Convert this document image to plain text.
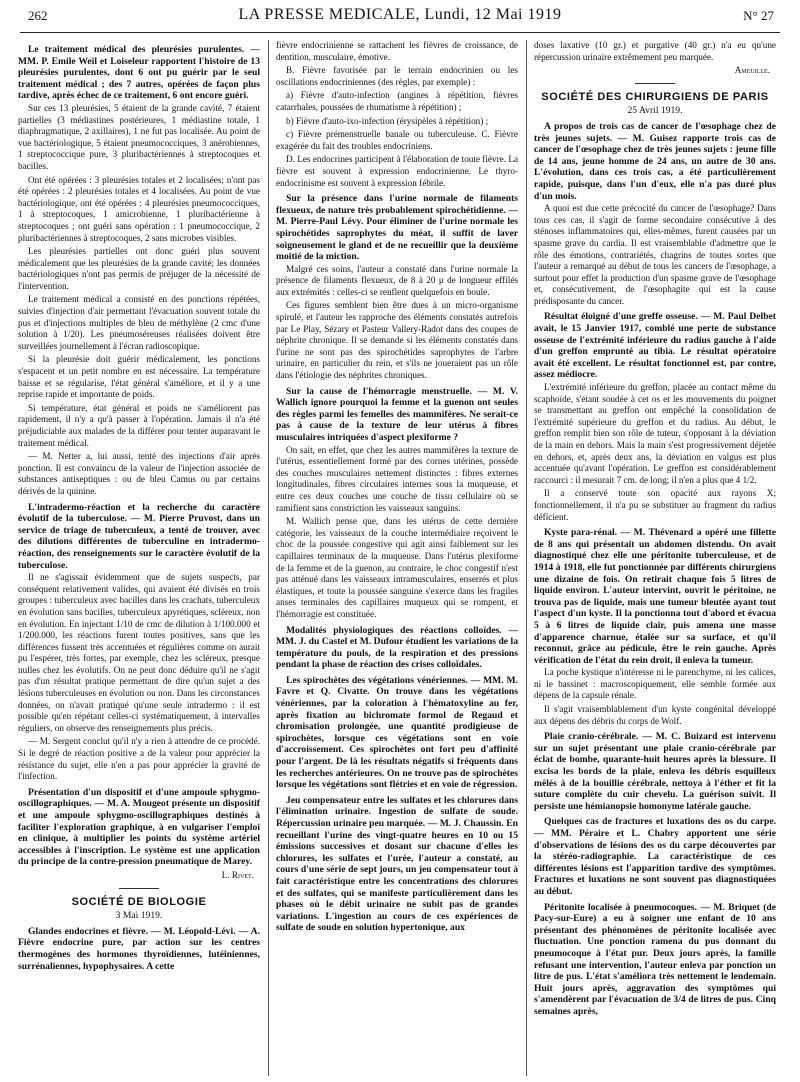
262	LA PRESSE MEDICALE, Lundi, 12 Mai 1919	N° 27
Le traitement médical des pleurésies purulentes. — MM. P. Emile Weil et Loiseleur rapportent l'histoire de 13 pleurésies purulentes, dont 6 ont pu guérir par le seul traitement médical ; des 7 autres, opérées de façon plus tardive, après échec de ce traitement, 6 ont encore guéri.

Sur ces 13 pleurésies, 5 étaient de la grande cavité, 7 étaient partielles (3 médiastines postérieures, 1 médiastine totale, 1 diaphragmatique, 2 axillaires), 1 ne fut pas localisée. Au point de vue bactériologique, 5 étaient pneumococciques, 3 anérobiennes, 1 streptococcique pure, 3 pluribactériennes à streptocoques et bacilles.

Ont été opérées : 3 pleurésies totales et 2 localisées; n'ont pas été opérées : 2 pleurésies totales et 4 localisées. Au point de vue bactériologique, ont été opérées : 4 pleurésies pneumococciques, 1 à streptocoques, 1 amicrobienne, 1 pluribactérienne à streptocoques ; ont guéri sans opération : 1 pneumococcique, 2 pluribactériennes à streptocoques, 2 sans microbes visibles.

Les pleurésies partielles ont donc guéri plus souvent médicalement que les pleurésies de la grande cavité; les données bactériologiques n'ont pas permis de préjuger de la nécessité de l'intervention.

Le traitement médical a consisté en des ponctions répétées, suivies d'injection d'air permettant l'évacuation souvent totale du pus et d'injections multiples de bleu de méthylène (2 cmc d'une solution à 1/20). Les pneumoséreuses réalisées doivent être surveillées journellement à l'écran radioscopique.

Si la pleurésie doit guérir médicalement, les ponctions s'espacent et un petit nombre en est nécessaire. La température baisse et se régularise, l'état général s'améliore, et il y a une reprise rapide et importante de poids.

Si température, état général et poids ne s'améliorent pas rapidement, il n'y a qu'à passer à l'opération. Jamais il n'a été préjudiciable aux malades de la différer pour tenter auparavant le traitement médical.

— M. Netter a, lui aussi, tenté des injections d'air après ponction. Il est convaincu de la valeur de l'injection associée de substances antiseptiques : ou de bleu Camus ou par certains dérivés de la quinine.

L'intradermo-réaction et la recherche du caractère évolutif de la tuberculose. — M. Pierre Pruvost, dans un service de triage de tuberculeux, a tenté de trouver, avec des dilutions différentes de tuberculine en intradermo-réaction, des renseignements sur le caractère évolutif de la tuberculose.

Il ne s'agissait évidemment que de sujets suspects, par conséquent relativement valides, qui avaient été divisés en trois groupes : tuberculeux avec bacilles dans les crachats, tuberculeux en évolution sans bacilles, tuberculeux apyrétiques, scléreux, non en évolution. En injectant 1/10 de cmc de dilution à 1/100.000 et 1/200.000, les réactions furent toutes positives, sans que les différences fussent très accentuées et régulières comme on aurait pu l'espérer, très fortes, par exemple, chez les scléreux, presque nulles chez les évolutifs. On ne peut donc déduire qu'il ne s'agit pas d'un résultat pratique permettant de dire qu'un sujet a des lésions tuberculeuses en évolution ou non. Dans les circonstances données, on n'avait pratiqué qu'une seule intradermo : il est possible qu'en répétant celles-ci systématiquement, à intervalles réguliers, on observe des renseignements plus précis.

— M. Sergent conclut qu'il n'y a rien à attendre de ce procédé. Si le degré de réaction positive a de la valeur pour apprécier la résistance du sujet, elle n'en a pas pour apprécier la gravité de l'infection.

Présentation d'un dispositif et d'une ampoule sphygmo-oscillographiques. — M. A. Mougeot présente un dispositif et une ampoule sphygmo-oscillographiques destinés à faciliter l'exploration graphique, à en vulgariser l'emploi en clinique, à multiplier les points du système artériel accessibles à l'inscription. Le système est une application du principe de la contre-pression pneumatique de Marey.

L. Rivet.

SOCIÉTÉ DE BIOLOGIE

3 Mai 1919.

Glandes endocrines et fièvre. — M. Léopold-Lévi. — A. Fièvre endocrine pure, par action sur les centres thermogènes des hormones thyroïdiennes, lutéiniennes, surrénaliennes, hypophysaires. A cette

fièvre endocrinienne se rattachent les fièvres de croissance, de dentition, musculaire, émotive.

B. Fièvre favorisée par le terrain endocrinien ou les oscillations endocriniennes (des règles, par exemple) :

a) Fièvre d'auto-infection (angines à répétition, fièvres catarrhales, poussées de rhumatisme à répétition) ;

b) Fièvre d'auto-ixo-infection (érysipèles à répétition) ;

c) Fièvre prémenstruelle banale ou tuberculeuse. C. Fièvre exagérée du fait des troubles endocriniens.

D. Les endocrines participent à l'élaboration de toute fièvre. La fièvre est souvent à expression endocrinienne. Le thyro-endocrinisme est souvent à expression fébrile.

Sur la présence dans l'urine normale de filaments flexueux, de nature très probablement spirochétidienne. — M. Pierre-Paul Lévy. Pour éliminer de l'urine normale les spirochétides saprophytes du méat, il suffit de laver soigneusement le gland et de ne recueillir que la deuxième moitié de la miction.

Malgré ces soins, l'auteur a constaté dans l'urine normale la présence de filaments flexueux, de 8 à 20 μ de longueur effilés aux extrémités : celles-ci se renflent quelquefois en boule.

Ces figures semblent bien être dues à un micro-organisme spirulé, et l'auteur les rapproche des éléments constatés autrefois par Le Play, Sézary et Pasteur Vallery-Radot dans des coupes de néphrite chronique. Il se demande si les éléments constatés dans l'urine ne sont pas des spirochétides saprophytes de l'arbre urinaire, en particulier du rein, et s'ils ne joueraient pas un rôle dans l'étiologie des néphrites chroniques.

Sur la cause de l'hémorragie menstruelle. — M. V. Wallich ignore pourquoi la femme et la guenon ont seules des règles parmi les femelles des mammifères. Ne serait-ce pas à cause de la texture de leur utérus à fibres musculaires intriquées d'aspect plexiforme ?

On sait, en effet, que chez les autres mammifères la texture de l'utérus, essentiellement formé par des cornes utérines, possède des couches musculaires nettement distinctes : fibres externes longitudinales, fibres circulaires internes sous la muqueuse, et entre ces deux couches une couche de tissu cellulaire où se ramifient sans constriction les vaisseaux sanguins.

M. Wallich pense que, dans les utérus de cette dernière catégorie, les vaisseaux de la couche intermédiaire reçoivent le choc de la poussée congestive qui agit ainsi faiblement sur les capillaires terminaux de la muqueuse. Dans l'utérus plexiforme de la femme et de la guenon, au contraire, le choc congestif n'est pas atténué dans les vaisseaux intramusculaires, enserrés et plus élastiques, et toute la poussée sanguine s'exerce dans les fragiles anses terminales des capillaires muqueux qui se rompent, et l'hémorragie est constituée.

Modalités physiologiques des réactions colloïdes. — MM. J. du Castel et M. Dufour étudient les variations de la température du pouls, de la respiration et des pressions pendant la phase de réaction des crises colloïdales.
Les spirochètes des végétations vénériennes. — MM. M. Favre et Q. Civatte. On trouve dans les végétations vénériennes, par la coloration à l'hématoxyline au fer, après fixation au bichromate formol de Regaud et chromisation prolongée, une quantité prodigieuse de spirochètes, lorsque ces végétations sont en voie d'accroissement. Ces spirochètes ont fort peu d'affinité pour l'argent. De là les résultats négatifs si fréquents dans les recherches antérieures. On ne trouve pas de spirochètes lorsque les végétations sont flétries et en voie de régression.
Jeu compensateur entre les sulfates et les chlorures dans l'élimination urinaire. Ingestion de sulfate de soude. Répercussion urinaire peu marquée. — M. J. Chaussin. En recueillant l'urine des vingt-quatre heures en 10 ou 15 émissions successives et dosant sur chacune d'elles les chlorures, les sulfates et l'urée, l'auteur a constaté, au cours d'une série de sept jours, un jeu compensateur tout à fait caractéristique entre les concentrations des chlorures et des sulfates, qui se manifeste particulièrement dans les phases où le débit urinaire ne subit pas de grandes variations. L'ingestion au cours de ces expériences de sulfate de soude en solution hypertonique, aux

doses laxative (10 gr.) et purgative (40 gr.) n'a eu qu'une répercussion urinaire extrêmement peu marquée.

Ameuille.

SOCIÉTÉ DES CHIRURGIENS DE PARIS

25 Avril 1919.

A propos de trois cas de cancer de l'œsophage chez de très jeunes sujets. — M. Guisez rapporte trois cas de cancer de l'œsophage chez de très jeunes sujets : jeune fille de 14 ans, jeune homme de 24 ans, un autre de 30 ans. L'évolution, dans ces trois cas, a été particulièrement rapide, puisque, dans l'un d'eux, elle n'a pas duré plus d'un mois.

A quoi est due cette précocité du cancer de l'œsophage? Dans tous ces cas, il s'agit de forme secondaire consécutive à des sténoses inflammatoires qui, elles-mêmes, furent causées par un spasme grave du cardia. Il est vraisemblable d'admettre que le rôle des émotions, contrariétés, chagrins de toutes sortes que l'auteur a remarqué au début de tous les cancers de l'œsophage, a surtout pour effet la production d'un spasme grave de l'œsophage et, consécutivement, de l'œsophagite qui est la cause prédisposante du cancer.

Résultat éloigné d'une greffe osseuse. — M. Paul Delbet avait, le 15 Janvier 1917, comblé une perte de substance osseuse de l'extrémité inférieure du radius gauche à l'aide d'un greffon emprunté au tibia. Le résultat opératoire avait été excellent. Le résultat fonctionnel est, par contre, assez médiocre.

L'extrémité inférieure du greffon, placée au contact même du scaphoïde, s'étant soudée à cet os et les mouvements du poignet se transmettant au greffon ont empêché la consolidation de l'extrémité supérieure du greffon et du radius. Au début, le greffon remplit bien son rôle de tuteur, s'opposant à la déviation de la main en dehors. Mais la main s'est progressivement déjetée en dehors, et, après deux ans, la déviation en valgus est plus accentuée qu'avant l'opération. Le greffon est considérablement raccourci : il mesurait 7 cm. de long; il n'en a plus que 4 1/2.

Il a conservé toute son opacité aux rayons X; fonctionnellement, il n'a pu se substituer au fragment du radius déficient.

Kyste para-rénal. — M. Thévenard a opéré une fillette de 8 ans qui présentait un abdomen distendu. On avait diagnostiqué chez elle une péritonite tuberculeuse, et de 1914 à 1918, elle fut ponctionnée par différents chirurgiens une dizaine de fois. On retirait chaque fois 5 litres de liquide environ. L'auteur intervint, ouvrit le péritoine, ne trouva pas de liquide, mais une tumeur bleutée ayant tout l'aspect d'un kyste. Il la ponctionna tout d'abord et évacua 5 à 6 litres de liquide clair, puis amena une masse d'apparence charnue, étalée sur sa surface, et qu'il reconnut, grâce au pédicule, être le rein gauche. Après vérification de l'état du rein droit, il enleva la tumeur.

La poche kystique n'intéresse ni le parenchyme, ni les calices, ni le bassinet : macroscopiquement, elle semble formée aux dépens de la capsule rénale.

Il s'agit vraisemblablement d'un kyste congénital développé aux dépens des débris du corps de Wolf.

Plaie cranio-cérébrale. — M. C. Buizard est intervenu sur un sujet présentant une plaie cranio-cérébrale par éclat de bombe, quarante-huit heures après la blessure. Il excisa les bords de la plaie, enleva les débris esquilleux mêlés à de la bouillie cérébrale, nettoya à l'éther et fit la suture complète du cuir chevelu. La guérison suivit. Il persiste une hémianopsie homonyme latérale gauche.
Quelques cas de fractures et luxations des os du carpe. — MM. Péraire et L. Chabry apportent une série d'observations de lésions des os du carpe découvertes par la stéréo-radiographie. La caractéristique de ces différentes lésions est l'apparition tardive des symptômes. Fractures et luxations ne sont souvent pas diagnostiquées au début.
Péritonite localisée à pneumocoques. — M. Briquet (de Pacy-sur-Eure) a eu à soigner une enfant de 10 ans présentant des phénomènes de péritonite localisée avec fluctuation. Une ponction ramena du pus donnant du pneumocoque à l'état pur. Deux jours après, la famille refusant une intervention, l'auteur enleva par ponction un litre de pus. L'état s'améliora très nettement le lendemain. Huit jours après, aggravation des symptômes qui s'amendèrent par l'évacuation de 3/4 de litres de pus. Cinq semaines après,
